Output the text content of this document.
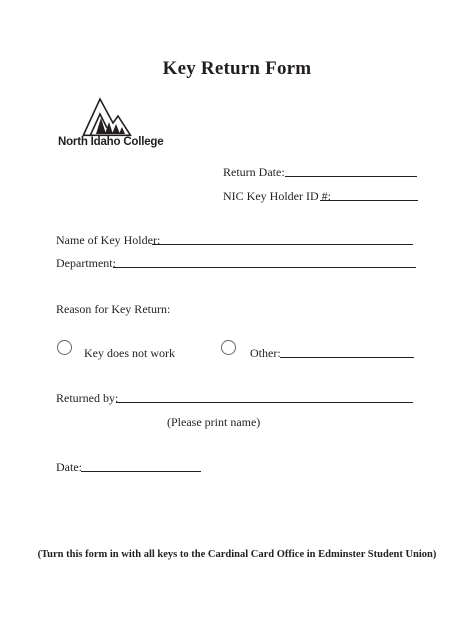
Key Return Form
North Idaho College
Return Date:
NIC Key Holder ID #:
Name of Key Holder:
Department:
Reason for Key Return:
Key does not work	Other:
Returned by:
(Please print name)
Date:
(Turn this form in with all keys to the Cardinal Card Office in Edminster Student Union)
